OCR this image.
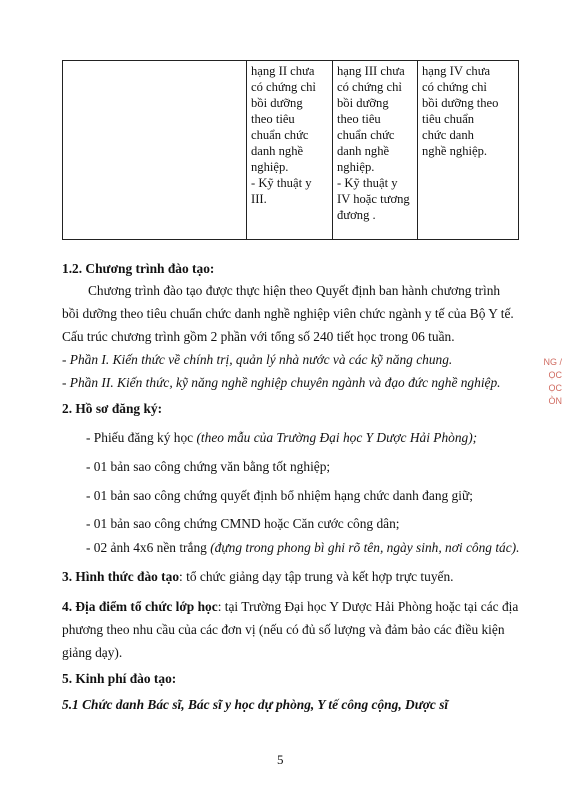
hạng II chưa
có chứng chỉ
bồi dưỡng
theo tiêu
chuẩn chức
danh nghề
nghiệp.
- Kỹ thuật y
III.
hạng III chưa
có chứng chỉ
bồi dưỡng
theo tiêu
chuẩn chức
danh nghề
nghiệp.
- Kỹ thuật y
IV hoặc tương
đương .
hạng IV chưa
có chứng chỉ
bồi dưỡng theo
tiêu chuẩn
chức danh
nghề nghiệp.
1.2. Chương trình đào tạo:
Chương trình đào tạo được thực hiện theo Quyết định ban hành chương trình
bồi dưỡng theo tiêu chuẩn chức danh nghề nghiệp viên chức ngành y tế của Bộ Y tế.
Cấu trúc chương trình gồm 2 phần với tổng số 240 tiết học trong 06 tuần.
- Phần I. Kiến thức về chính trị, quản lý nhà nước và các kỹ năng chung.
- Phần II. Kiến thức, kỹ năng nghề nghiệp chuyên ngành và đạo đức nghề nghiệp.
2. Hồ sơ đăng ký:
- Phiếu đăng ký học (theo mẫu của Trường Đại học Y Dược Hải Phòng);
- 01 bản sao công chứng văn bằng tốt nghiệp;
- 01 bản sao công chứng quyết định bổ nhiệm hạng chức danh đang giữ;
- 01 bản sao công chứng CMND hoặc Căn cước công dân;
- 02 ảnh 4x6 nền trắng (đựng trong phong bì ghi rõ tên, ngày sinh, nơi công tác).
3. Hình thức đào tạo: tổ chức giảng dạy tập trung và kết hợp trực tuyến.
4. Địa điểm tổ chức lớp học: tại Trường Đại học Y Dược Hải Phòng hoặc tại các địa
phương theo nhu cầu của các đơn vị (nếu có đủ số lượng và đảm bảo các điều kiện
giảng dạy).
5. Kinh phí đào tạo:
5.1 Chức danh Bác sĩ, Bác sĩ y học dự phòng, Y tế công cộng, Dược sĩ
NG /
ỌC
ỌC
ÒN
5
